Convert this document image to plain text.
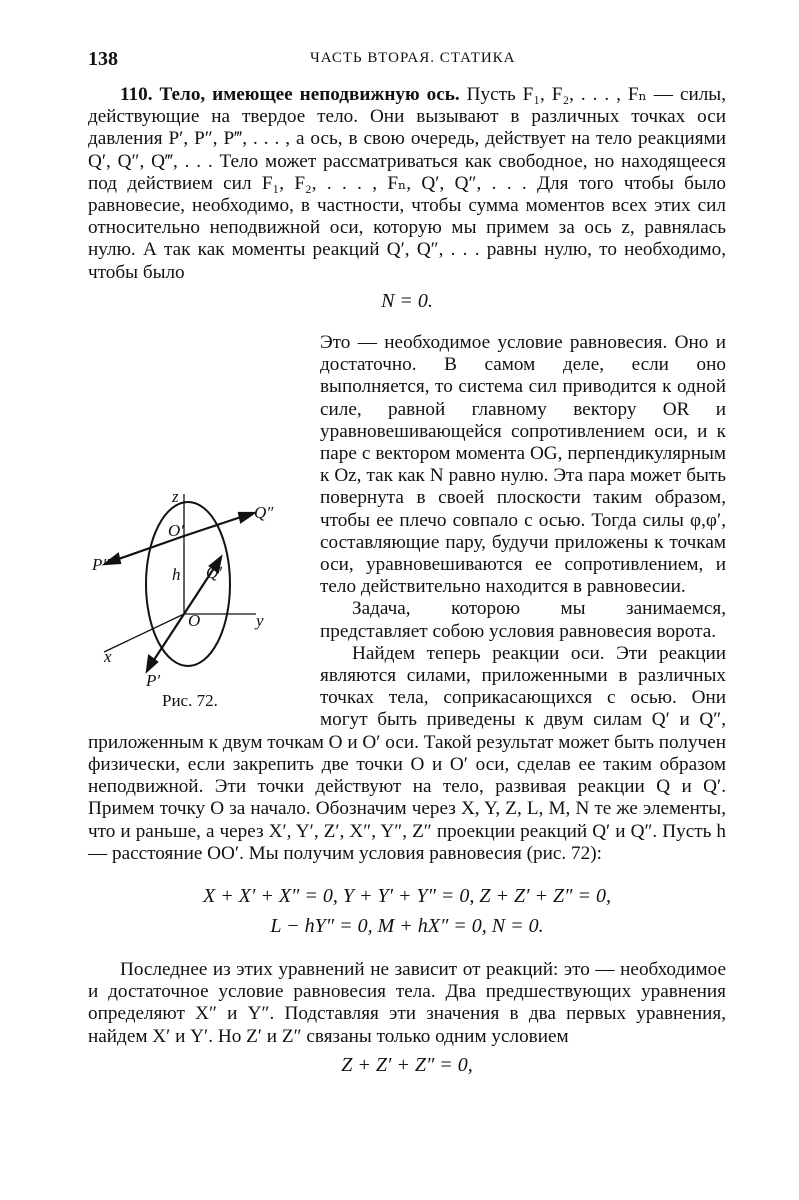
138	ЧАСТЬ ВТОРАЯ. СТАТИКА

110. Тело, имеющее неподвижную ось. Пусть F₁, F₂, . . . , Fₙ — силы, действующие на твердое тело. Они вызывают в различных точках оси давления P′, P″, P‴, . . . , а ось, в свою очередь, действует на тело реакциями Q′, Q″, Q‴, . . . Тело может рассматриваться как свободное, но находящееся под действием сил F₁, F₂, . . . , Fₙ, Q′, Q″, . . . Для того чтобы было равновесие, необходимо, в частности, чтобы сумма моментов всех этих сил относительно неподвижной оси, которую мы примем за ось z, равнялась нулю. А так как моменты реакций Q′, Q″, . . . равны нулю, то необходимо, чтобы было

N = 0.

z
O′
Q″
P″
h Q′
O	y
x
P′
Рис. 72.
Это — необходимое условие равновесия. Оно и достаточно. В самом деле, если оно выполняется, то система сил приводится к одной силе, равной главному вектору OR и уравновешивающейся сопротивлением оси, и к паре с вектором момента OG, перпендикулярным к Oz, так как N равно нулю. Эта пара может быть повернута в своей плоскости таким образом, чтобы ее плечо совпало с осью. Тогда силы φ,φ′, составляющие пару, будучи приложены к точкам оси, уравновешиваются ее сопротивлением, и тело действительно находится в равновесии.

Задача, которою мы занимаемся, представляет собою условия равновесия ворота.

Найдем теперь реакции оси. Эти реакции являются силами, приложенными в различных точках тела, соприкасающихся с осью. Они могут быть приведены к двум силам Q′ и Q″, приложенным к двум точкам O и O′ оси. Такой результат может быть получен физически, если закрепить две точки O и O′ оси, сделав ее таким образом неподвижной. Эти точки действуют на тело, развивая реакции Q и Q′. Примем точку O за начало. Обозначим через X, Y, Z, L, M, N те же элементы, что и раньше, а через X′, Y′, Z′, X″, Y″, Z″ проекции реакций Q′ и Q″. Пусть h — расстояние OO′. Мы получим условия равновесия (рис. 72):

X + X′ + X″ = 0, Y + Y′ + Y″ = 0, Z + Z′ + Z″ = 0,

L − hY″ = 0, M + hX″ = 0, N = 0.

Последнее из этих уравнений не зависит от реакций: это — необходимое и достаточное условие равновесия тела. Два предшествующих уравнения определяют X″ и Y″. Подставляя эти значения в два первых уравнения, найдем X′ и Y′. Но Z′ и Z″ связаны только одним условием

Z + Z′ + Z″ = 0,
